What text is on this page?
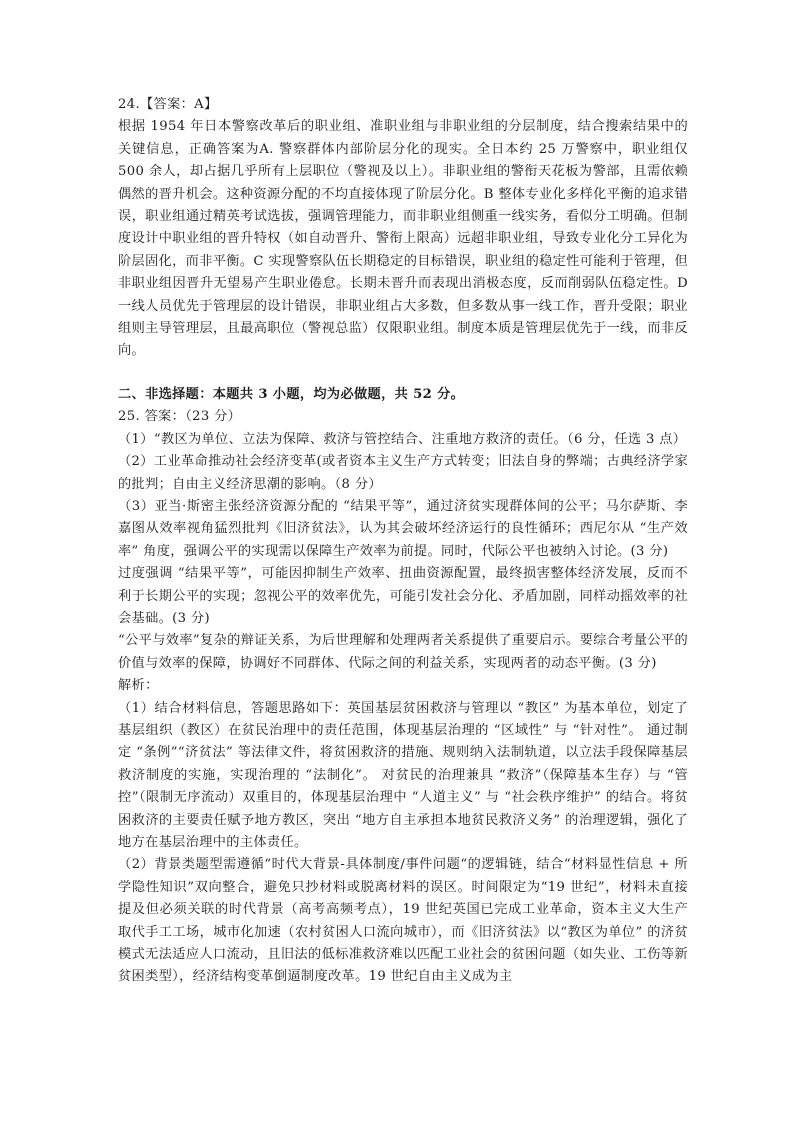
24.【答案：A】

根据 1954 年日本警察改革后的职业组、准职业组与非职业组的分层制度，结合搜索结果中的关键信息，正确答案为A. 警察群体内部阶层分化的现实。全日本约 25 万警察中，职业组仅 500 余人，却占据几乎所有上层职位（警视及以上）。非职业组的警衔天花板为警部，且需依赖偶然的晋升机会。这种资源分配的不均直接体现了阶层分化。B 整体专业化多样化平衡的追求错误，职业组通过精英考试选拔，强调管理能力，而非职业组侧重一线实务，看似分工明确。但制度设计中职业组的晋升特权（如自动晋升、警衔上限高）远超非职业组，导致专业化分工异化为阶层固化，而非平衡。C 实现警察队伍长期稳定的目标错误，职业组的稳定性可能利于管理，但非职业组因晋升无望易产生职业倦怠。长期未晋升而表现出消极态度，反而削弱队伍稳定性。D 一线人员优先于管理层的设计错误，非职业组占大多数，但多数从事一线工作，晋升受限；职业组则主导管理层，且最高职位（警视总监）仅限职业组。制度本质是管理层优先于一线，而非反向。

二、非选择题：本题共 3 小题，均为必做题，共 52 分。

25. 答案：（23 分）

（1）“教区为单位、立法为保障、救济与管控结合、注重地方救济的责任。（6 分，任选 3 点）

（2）工业革命推动社会经济变革(或者资本主义生产方式转变；旧法自身的弊端；古典经济学家的批判；自由主义经济思潮的影响。（8 分）

（3）亚当·斯密主张经济资源分配的 “结果平等”，通过济贫实现群体间的公平；马尔萨斯、李嘉图从效率视角猛烈批判《旧济贫法》，认为其会破坏经济运行的良性循环；西尼尔从 “生产效率” 角度，强调公平的实现需以保障生产效率为前提。同时，代际公平也被纳入讨论。(3 分)

过度强调 “结果平等”，可能因抑制生产效率、扭曲资源配置，最终损害整体经济发展，反而不利于长期公平的实现；忽视公平的效率优先，可能引发社会分化、矛盾加剧，同样动摇效率的社会基础。(3 分)

“公平与效率”复杂的辩证关系，为后世理解和处理两者关系提供了重要启示。要综合考量公平的价值与效率的保障，协调好不同群体、代际之间的利益关系，实现两者的动态平衡。(3 分)

解析：

（1）结合材料信息，答题思路如下：英国基层贫困救济与管理以 “教区” 为基本单位，划定了基层组织（教区）在贫民治理中的责任范围，体现基层治理的 “区域性” 与 “针对性”。 通过制定 “条例”“济贫法” 等法律文件，将贫困救济的措施、规则纳入法制轨道，以立法手段保障基层救济制度的实施，实现治理的 “法制化”。 对贫民的治理兼具 “救济”（保障基本生存）与 “管控”（限制无序流动）双重目的，体现基层治理中 “人道主义” 与 “社会秩序维护” 的结合。将贫困救济的主要责任赋予地方教区，突出 “地方自主承担本地贫民救济义务” 的治理逻辑，强化了地方在基层治理中的主体责任。

（2）背景类题型需遵循“时代大背景-具体制度/事件问题“的逻辑链，结合“材料显性信息 + 所学隐性知识”双向整合，避免只抄材料或脱离材料的误区。时间限定为“19 世纪”，材料未直接提及但必须关联的时代背景（高考高频考点），19 世纪英国已完成工业革命，资本主义大生产取代手工工场，城市化加速（农村贫困人口流向城市），而《旧济贫法》以“教区为单位” 的济贫模式无法适应人口流动，且旧法的低标准救济难以匹配工业社会的贫困问题（如失业、工伤等新贫困类型），经济结构变革倒逼制度改革。19 世纪自由主义成为主
